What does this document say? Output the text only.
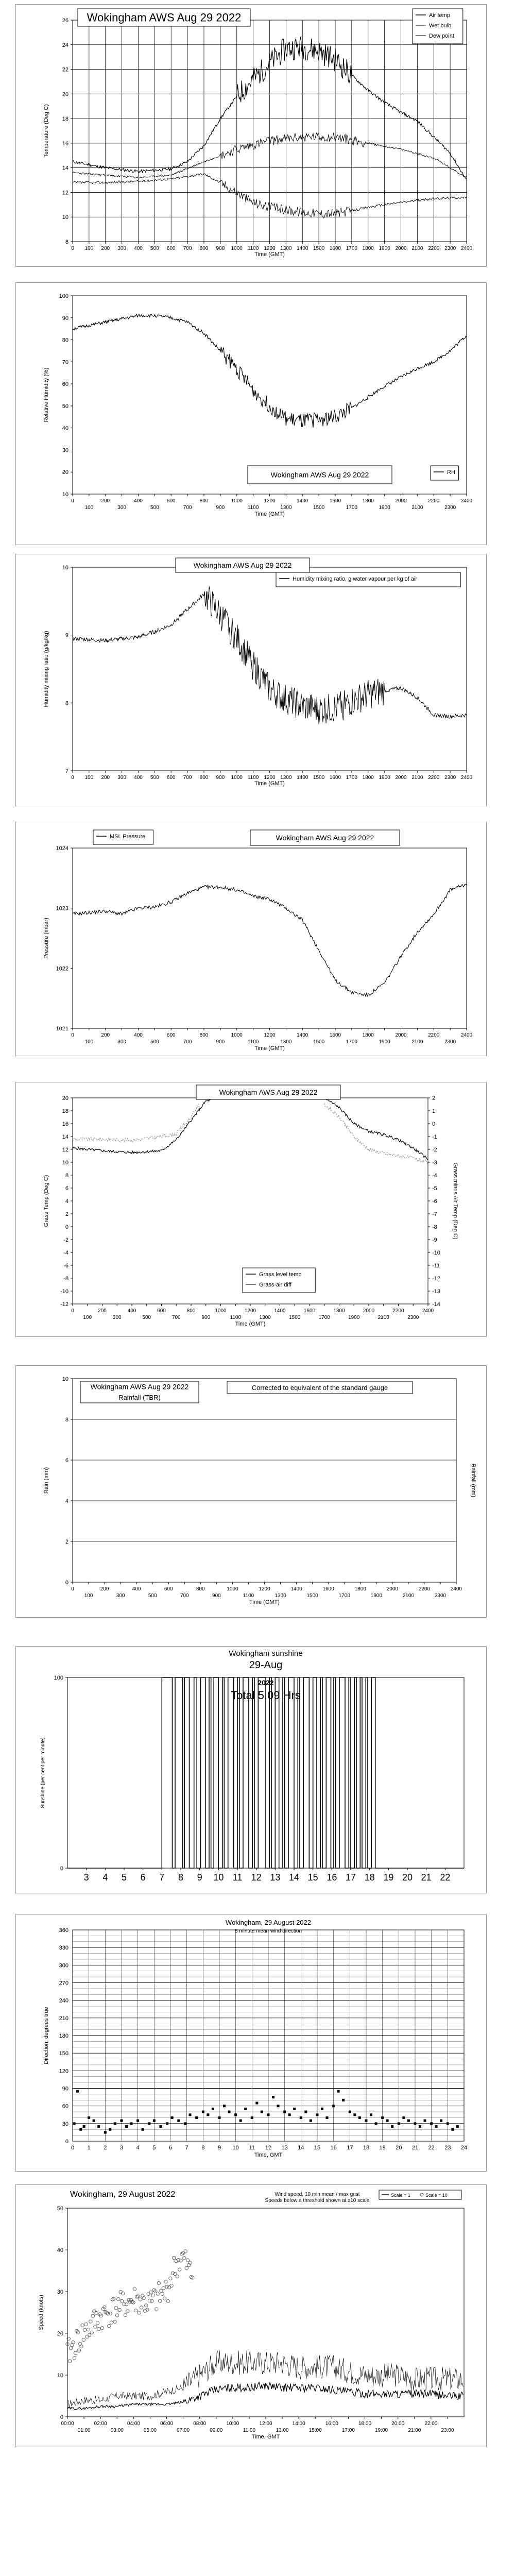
8
10
12
14
16
18
20
22
24
26
0 100 200 300 400 500 600 700 800 900 1000 1100 1200 1300 1400 1500 1600 1700 1800 1900 2000 2100 2200 2300 2400
Time (GMT)
Temperature (Deg C)
Wokingham AWS Aug 29 2022	Air temp
Wet bulb
Dew point
10
20
30
40
50
60
70
80
90
100
0	200	400	600	800	1000	1200	1400	1600	1800	2000	2200	2400
100	300	500	700	900	1100	1300	1500	1700	1900	2100	2300
Time (GMT)
Relative Humidity (%)
Wokingham AWS Aug 29 2022	RH
7
8
9
10
0 100 200 300 400 500 600 700 800 900 1000 1100 1200 1300 1400 1500 1600 1700 1800 1900 2000 2100 2200 2300 2400
Time (GMT)
Humidity mixing ratio (g/kg/kg)
Wokingham AWS Aug 29 2022
Humidity mixing ratio, g water vapour per kg of air
1021
1022
1023
1024
0	200	400	600	800	1000	1200	1400	1600	1800	2000	2200	2400
100	300	500	700	900	1100	1300	1500	1700	1900	2100	2300
Time (GMT)
Pressure (mbar)
MSL Pressure	Wokingham AWS Aug 29 2022
-12
-10
-8
-6
-4
-2
0
2
4
6
8
10
12
14
16
18
20
0	200	400	600	800	1000	1200	1400	1600	1800	2000	2200	2400
100	300	500	700	900	1100	1300	1500	1700	1900	2100	2300
Time (GMT)
Grass Temp (Deg C)
-14
-13
-12
-11
-10
-9
-8
-7
-6
-5
-4
-3
-2
-1
0
1
2
Grass minus Air Temp (Deg C)
Wokingham AWS Aug 29 2022
Grass level temp
Grass-air diff
0
2
4
6
8
10
0	200	400	600	800	1000	1200	1400	1600	1800	2000	2200	2400
100	300	500	700	900	1100	1300	1500	1700	1900	2100	2300
Time (GMT)
Rain (mm)	Rainfall (mm)
Wokingham AWS Aug 29 2022
Rainfall (TBR)
Corrected to equivalent of the standard gauge
0
100
3 4 5 6 7 8 9 10 11 12 13 14 15 16 17 18 19 20 21 22
Sunshine (per cent per minute)
Wokingham sunshine
29-Aug
2022
Total 5.09 Hrs
0
30
60
90
120
150
180
210
240
270
300
330
360
0 1 2 3 4 5 6 7 8 9 10 11 12 13 14 15 16 17 18 19 20 21 22 23 24
Time, GMT
Direction, degrees true
Wokingham, 29 August 2022
5 minute mean wind direction
0
10
20
30
40
50
00:00	02:00	04:00	06:00	08:00	10:00	12:00	14:00	16:00	18:00	20:00	22:00
01:00	03:00	05:00	07:00	09:00	11:00	13:00	15:00	17:00	19:00	21:00	23:00
Time, GMT
Speed (knots)
Wokingham, 29 August 2022	Wind speed, 10 min mean / max gust
Speeds below a threshold shown at x10 scale
Scale = 1	Scale = 10
